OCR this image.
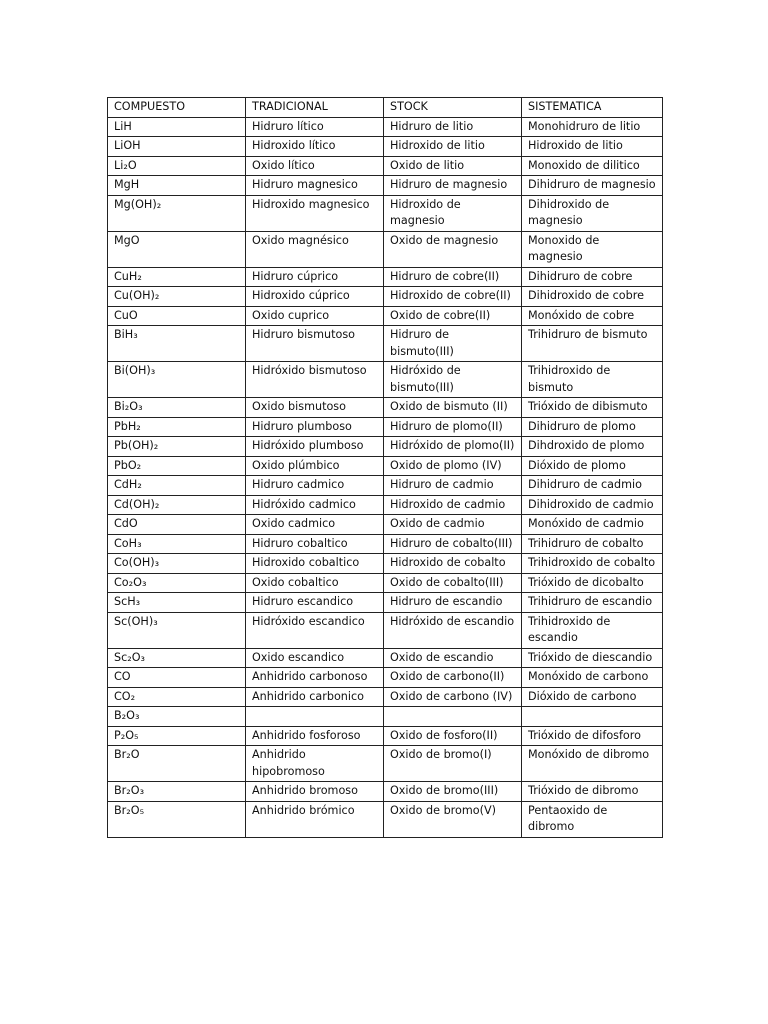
COMPUESTO	TRADICIONAL	STOCK	SISTEMATICA
LiH	Hidruro lítico	Hidruro de litio	Monohidruro de litio
LiOH	Hidroxido lítico	Hidroxido de litio	Hidroxido de litio
Li₂O	Oxido lítico	Oxido de litio	Monoxido de dilitico
MgH	Hidruro magnesico	Hidruro de magnesio	Dihidruro de magnesio
Mg(OH)₂	Hidroxido magnesico	Hidroxido de magnesio	Dihidroxido de magnesio
MgO	Oxido magnésico	Oxido de magnesio	Monoxido de magnesio
CuH₂	Hidruro cúprico	Hidruro de cobre(II)	Dihidruro de cobre
Cu(OH)₂	Hidroxido cúprico	Hidroxido de cobre(II)	Dihidroxido de cobre
CuO	Oxido cuprico	Oxido de cobre(II)	Monóxido de cobre
BiH₃	Hidruro bismutoso	Hidruro de bismuto(III)	Trihidruro de bismuto
Bi(OH)₃	Hidróxido bismutoso	Hidróxido de bismuto(III)	Trihidroxido de bismuto
Bi₂O₃	Oxido bismutoso	Oxido de bismuto (II)	Trióxido de dibismuto
PbH₂	Hidruro plumboso	Hidruro de plomo(II)	Dihidruro de plomo
Pb(OH)₂	Hidróxido plumboso	Hidróxido de plomo(II)	Dihdroxido de plomo
PbO₂	Oxido plúmbico	Oxido de plomo (IV)	Dióxido de plomo
CdH₂	Hidruro cadmico	Hidruro de cadmio	Dihidruro de cadmio
Cd(OH)₂	Hidróxido cadmico	Hidroxido de cadmio	Dihidroxido de cadmio
CdO	Oxido cadmico	Oxido de cadmio	Monóxido de cadmio
CoH₃	Hidruro cobaltico	Hidruro de cobalto(III)	Trihidruro de cobalto
Co(OH)₃	Hidroxido cobaltico	Hidroxido de cobalto	Trihidroxido de cobalto
Co₂O₃	Oxido cobaltico	Oxido de cobalto(III)	Trióxido de dicobalto
ScH₃	Hidruro escandico	Hidruro de escandio	Trihidruro de escandio
Sc(OH)₃	Hidróxido escandico	Hidróxido de escandio	Trihidroxido de escandio
Sc₂O₃	Oxido escandico	Oxido de escandio	Trióxido de diescandio
CO	Anhidrido carbonoso	Oxido de carbono(II)	Monóxido de carbono
CO₂	Anhidrido carbonico	Oxido de carbono (IV)	Dióxido de carbono
B₂O₃			
P₂O₅	Anhidrido fosforoso	Oxido de fosforo(II)	Trióxido de difosforo
Br₂O	Anhidrido hipobromoso	Oxido de bromo(I)	Monóxido de dibromo
Br₂O₃	Anhidrido bromoso	Oxido de bromo(III)	Trióxido de dibromo
Br₂O₅	Anhidrido brómico	Oxido de bromo(V)	Pentaoxido de dibromo
